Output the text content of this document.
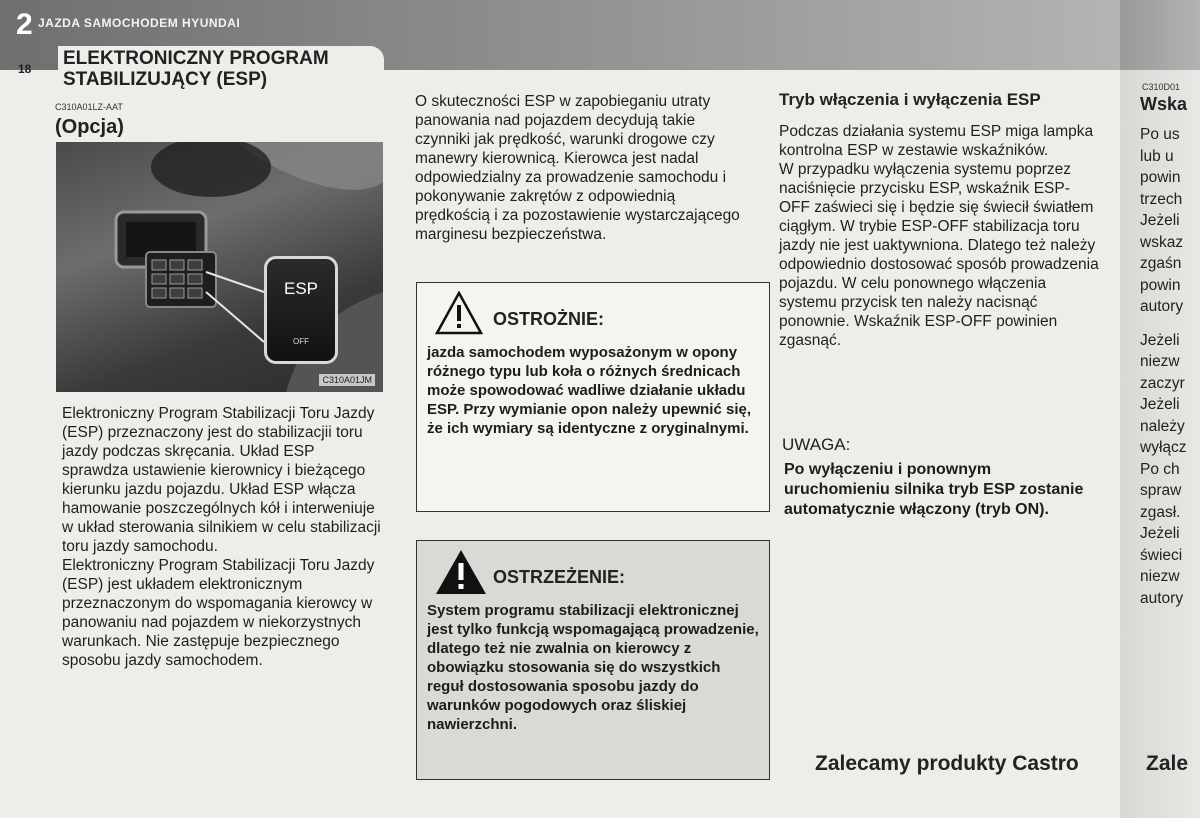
2 JAZDA SAMOCHODEM HYUNDAI
18 ELEKTRONICZNY PROGRAM
STABILIZUJĄCY (ESP)
C310A01LZ-AAT
(Opcja)
C310A01JM
ESP
OFF
Elektroniczny Program Stabilizacji Toru Jazdy (ESP) przeznaczony jest do stabilizacjii toru jazdy podczas skręcania. Układ ESP sprawdza ustawienie kierownicy i bieżącego kierunku jazdu pojazdu. Układ ESP włącza hamowanie poszczególnych kół i interweniuje w układ sterowania silnikiem w celu stabilizacji toru jazdy samochodu.
Elektroniczny Program Stabilizacji Toru Jazdy (ESP) jest układem elektronicznym przeznaczonym do wspomagania kierowcy w panowaniu nad pojazdem w niekorzystnych warunkach. Nie zastępuje bezpiecznego sposobu jazdy samochodem.
O skuteczności ESP w zapobieganiu utraty panowania nad pojazdem decydują takie czynniki jak prędkość, warunki drogowe czy manewry kierownicą. Kierowca jest nadal odpowiedzialny za prowadzenie samochodu i pokonywanie zakrętów z odpowiednią prędkością i za pozostawienie wystarczającego marginesu bezpieczeństwa.
OSTROŻNIE:
jazda samochodem wyposażonym w opony różnego typu lub koła o różnych średnicach może spowodować wadliwe działanie układu ESP. Przy wymianie opon należy upewnić się, że ich wymiary są identyczne z oryginalnymi.
OSTRZEŻENIE:
System programu stabilizacji elektronicznej jest tylko funkcją wspomagającą prowadzenie, dlatego też nie zwalnia on kierowcy z obowiązku stosowania się do wszystkich reguł dostosowania sposobu jazdy do warunków pogodowych oraz śliskiej nawierzchni.
Tryb włączenia i wyłączenia ESP
Podczas działania systemu ESP miga lampka kontrolna ESP w zestawie wskaźników.
W przypadku wyłączenia systemu poprzez naciśnięcie przycisku ESP, wskaźnik ESP-OFF zaświeci się i będzie się świecił światłem ciągłym. W trybie ESP-OFF stabilizacja toru jazdy nie jest uaktywniona. Dlatego też należy odpowiednio dostosować sposób prowadzenia pojazdu. W celu ponownego włączenia systemu przycisk ten należy nacisnąć ponownie. Wskaźnik ESP-OFF powinien zgasnąć.
UWAGA:
Po wyłączeniu i ponownym uruchomieniu silnika tryb ESP zostanie automatycznie włączony (tryb ON).
Zalecamy produkty Castro
C310D01
Wska
Po us
lub u
powin
trzech
Jeżeli
wskaz
zgaśn
powin
autory
Jeżeli
niezw
zaczyr
Jeżeli
należy
wyłącz
Po ch
spraw
zgasł.
Jeżeli
świeci
niezw
autory
Zale
